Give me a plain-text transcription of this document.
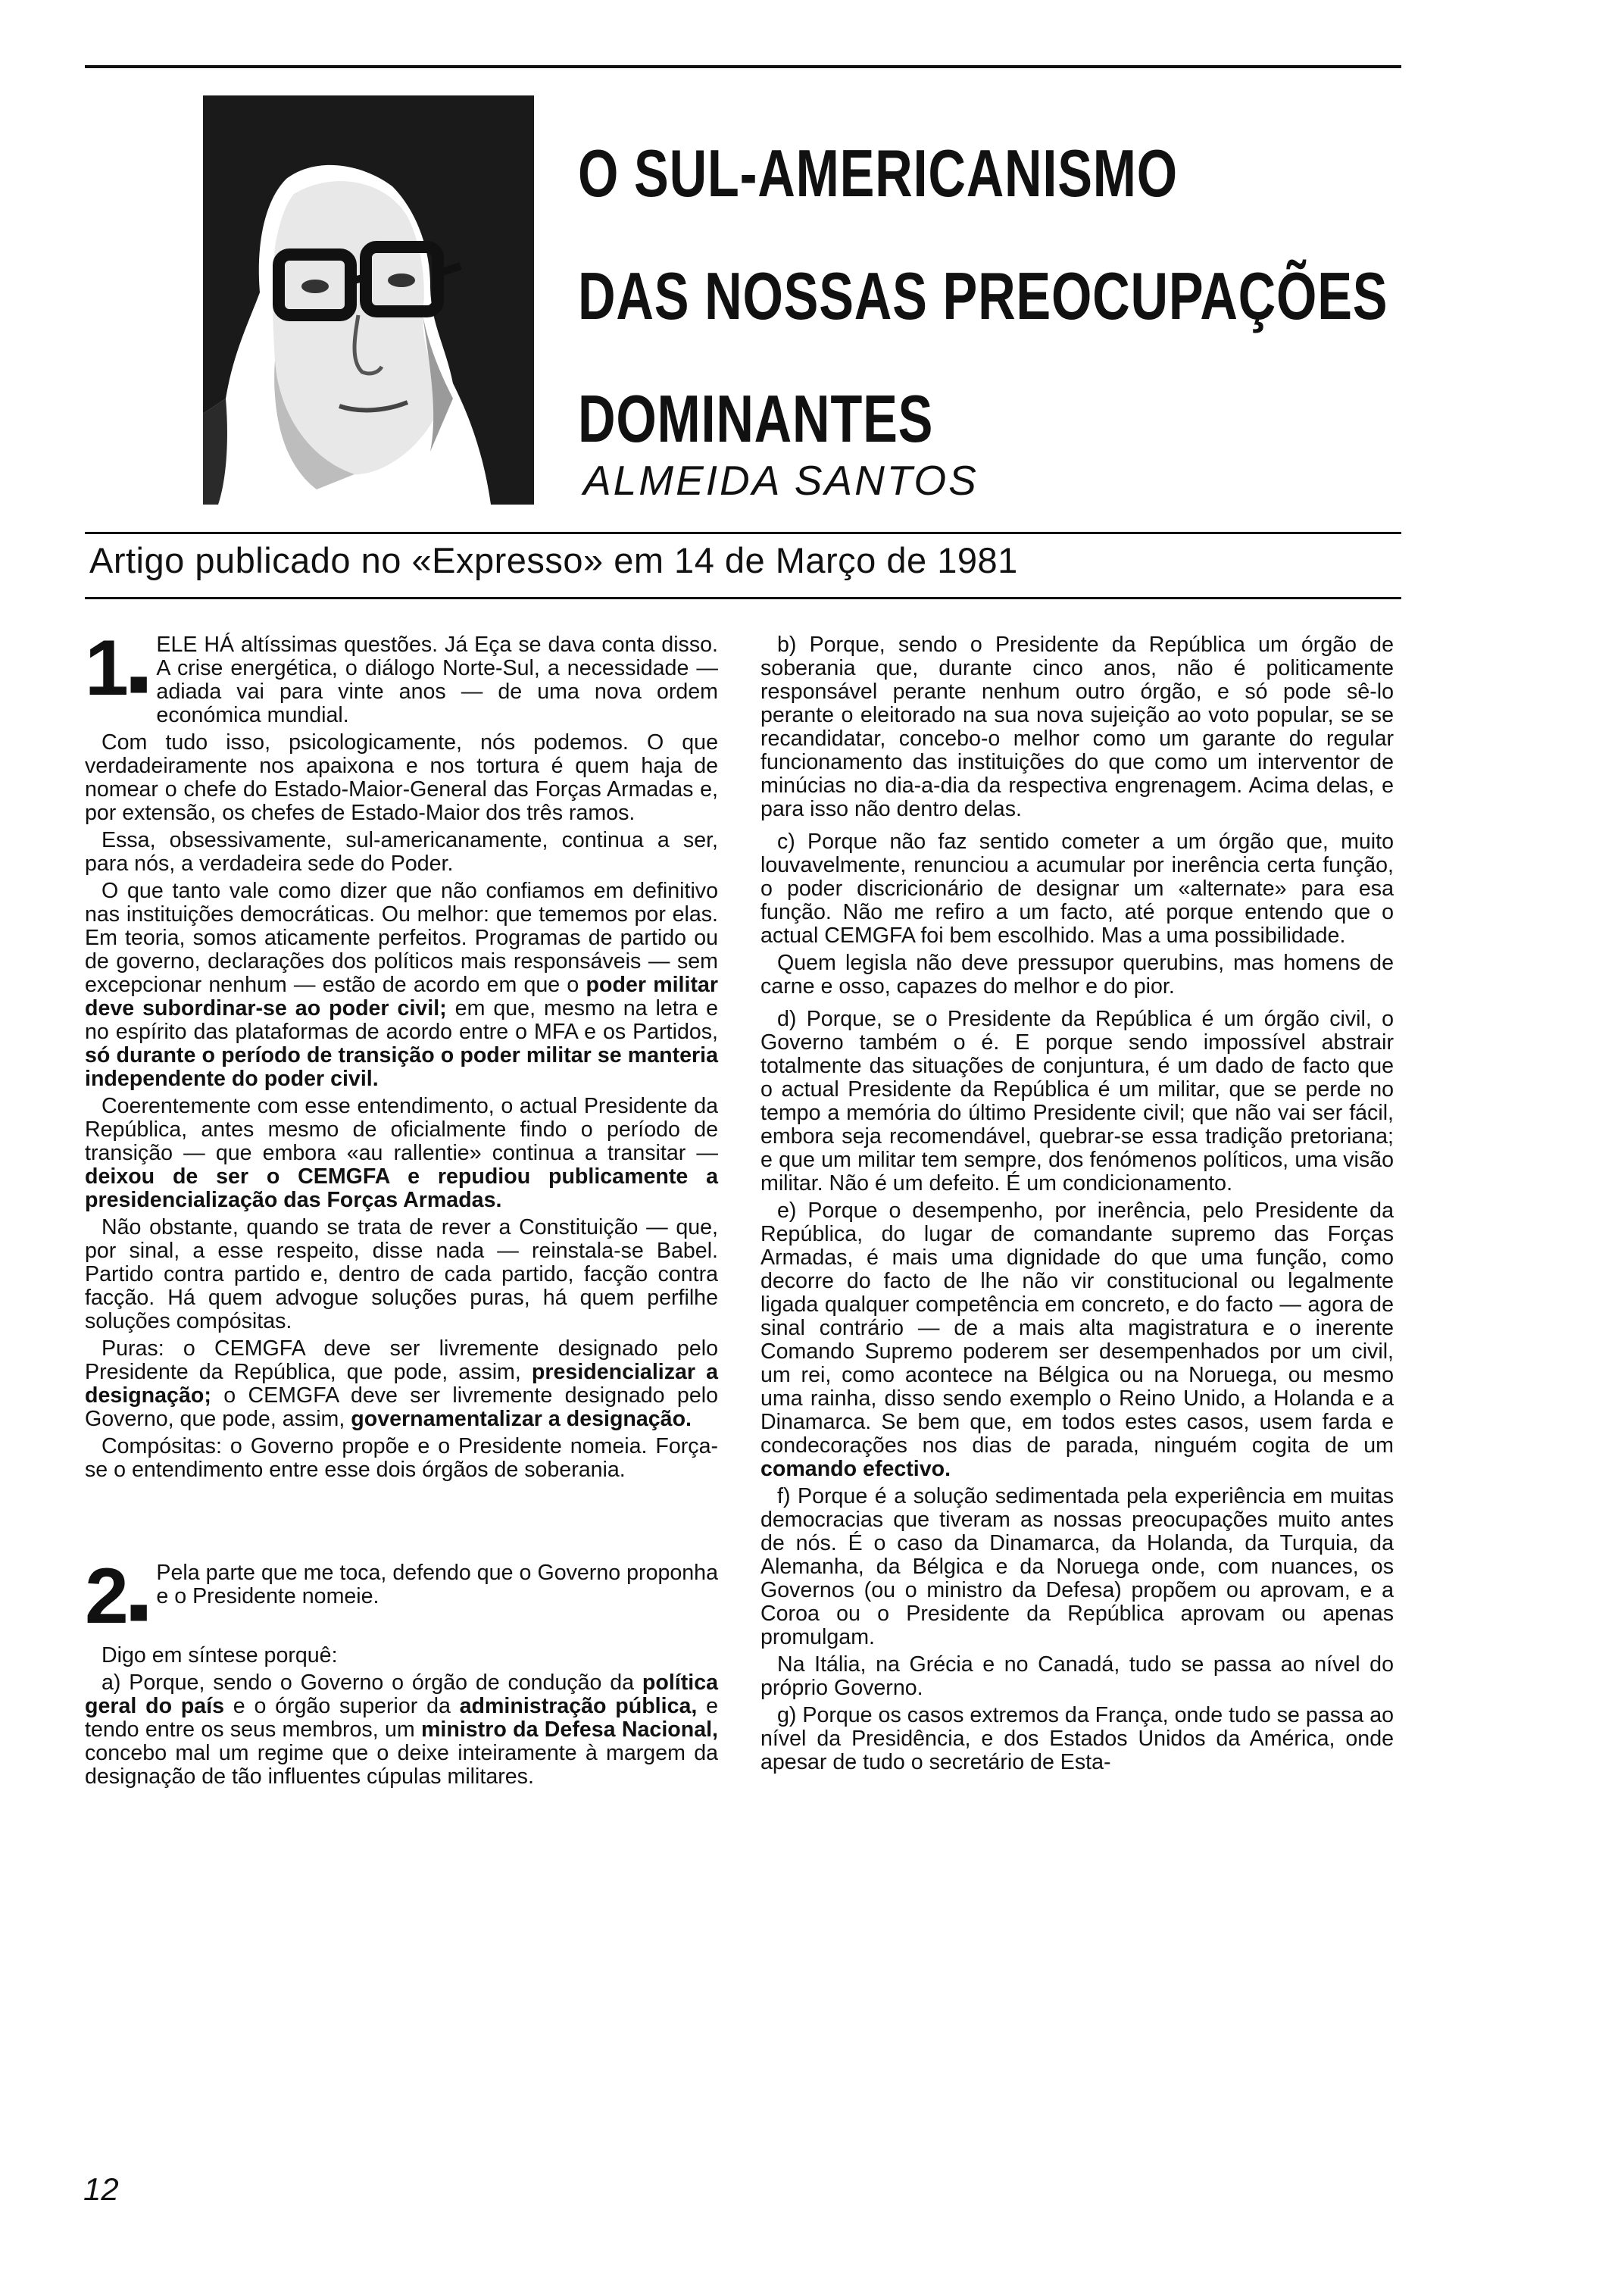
O SUL-AMERICANISMO
DAS NOSSAS PREOCUPAÇÕES
DOMINANTES
ALMEIDA SANTOS
Artigo publicado no «Expresso» em 14 de Março de 1981
1■

ELE HÁ altíssimas questões. Já Eça se dava conta disso. A crise energética, o diálogo Norte-Sul, a necessidade — adiada vai para vinte anos — de uma nova ordem económica mundial.

Com tudo isso, psicologicamente, nós podemos. O que verdadeiramente nos apaixona e nos tortura é quem haja de nomear o chefe do Estado-Maior-General das Forças Armadas e, por extensão, os chefes de Estado-Maior dos três ramos.

Essa, obsessivamente, sul-americanamente, continua a ser, para nós, a verdadeira sede do Poder.

O que tanto vale como dizer que não confiamos em definitivo nas instituições democráticas. Ou melhor: que tememos por elas. Em teoria, somos aticamente perfeitos. Programas de partido ou de governo, declarações dos políticos mais responsáveis — sem excepcionar nenhum — estão de acordo em que o poder militar deve subordinar-se ao poder civil; em que, mesmo na letra e no espírito das plataformas de acordo entre o MFA e os Partidos, só durante o período de transição o poder militar se manteria independente do poder civil.

Coerentemente com esse entendimento, o actual Presidente da República, antes mesmo de oficialmente findo o período de transição — que embora «au rallentie» continua a transitar — deixou de ser o CEMGFA e repudiou publicamente a presidencialização das Forças Armadas.

Não obstante, quando se trata de rever a Constituição — que, por sinal, a esse respeito, disse nada — reinstala-se Babel. Partido contra partido e, dentro de cada partido, facção contra facção. Há quem advogue soluções puras, há quem perfilhe soluções compósitas.

Puras: o CEMGFA deve ser livremente designado pelo Presidente da República, que pode, assim, presidencializar a designação; o CEMGFA deve ser livremente designado pelo Governo, que pode, assim, governamentalizar a designação.

Compósitas: o Governo propõe e o Presidente nomeia. Força-se o entendimento entre esse dois órgãos de soberania.

2■

Pela parte que me toca, defendo que o Governo proponha e o Presidente nomeie.

Digo em síntese porquê:

a) Porque, sendo o Governo o órgão de condução da política geral do país e o órgão superior da administração pública, e tendo entre os seus membros, um ministro da Defesa Nacional, concebo mal um regime que o deixe inteiramente à margem da designação de tão influentes cúpulas militares.

b) Porque, sendo o Presidente da República um órgão de soberania que, durante cinco anos, não é politicamente responsável perante nenhum outro órgão, e só pode sê-lo perante o eleitorado na sua nova sujeição ao voto popular, se se recandidatar, concebo-o melhor como um garante do regular funcionamento das instituições do que como um interventor de minúcias no dia-a-dia da respectiva engrenagem. Acima delas, e para isso não dentro delas.

c) Porque não faz sentido cometer a um órgão que, muito louvavelmente, renunciou a acumular por inerência certa função, o poder discricionário de designar um «alternate» para esa função. Não me refiro a um facto, até porque entendo que o actual CEMGFA foi bem escolhido. Mas a uma possibilidade.

Quem legisla não deve pressupor querubins, mas homens de carne e osso, capazes do melhor e do pior.

d) Porque, se o Presidente da República é um órgão civil, o Governo também o é. E porque sendo impossível abstrair totalmente das situações de conjuntura, é um dado de facto que o actual Presidente da República é um militar, que se perde no tempo a memória do último Presidente civil; que não vai ser fácil, embora seja recomendável, quebrar-se essa tradição pretoriana; e que um militar tem sempre, dos fenómenos políticos, uma visão militar. Não é um defeito. É um condicionamento.

e) Porque o desempenho, por inerência, pelo Presidente da República, do lugar de comandante supremo das Forças Armadas, é mais uma dignidade do que uma função, como decorre do facto de lhe não vir constitucional ou legalmente ligada qualquer competência em concreto, e do facto — agora de sinal contrário — de a mais alta magistratura e o inerente Comando Supremo poderem ser desempenhados por um civil, um rei, como acontece na Bélgica ou na Noruega, ou mesmo uma rainha, disso sendo exemplo o Reino Unido, a Holanda e a Dinamarca. Se bem que, em todos estes casos, usem farda e condecorações nos dias de parada, ninguém cogita de um comando efectivo.

f) Porque é a solução sedimentada pela experiência em muitas democracias que tiveram as nossas preocupações muito antes de nós. É o caso da Dinamarca, da Holanda, da Turquia, da Alemanha, da Bélgica e da Noruega onde, com nuances, os Governos (ou o ministro da Defesa) propõem ou aprovam, e a Coroa ou o Presidente da República aprovam ou apenas promulgam.

Na Itália, na Grécia e no Canadá, tudo se passa ao nível do próprio Governo.

g) Porque os casos extremos da França, onde tudo se passa ao nível da Presidência, e dos Estados Unidos da América, onde apesar de tudo o secretário de Esta-

12
